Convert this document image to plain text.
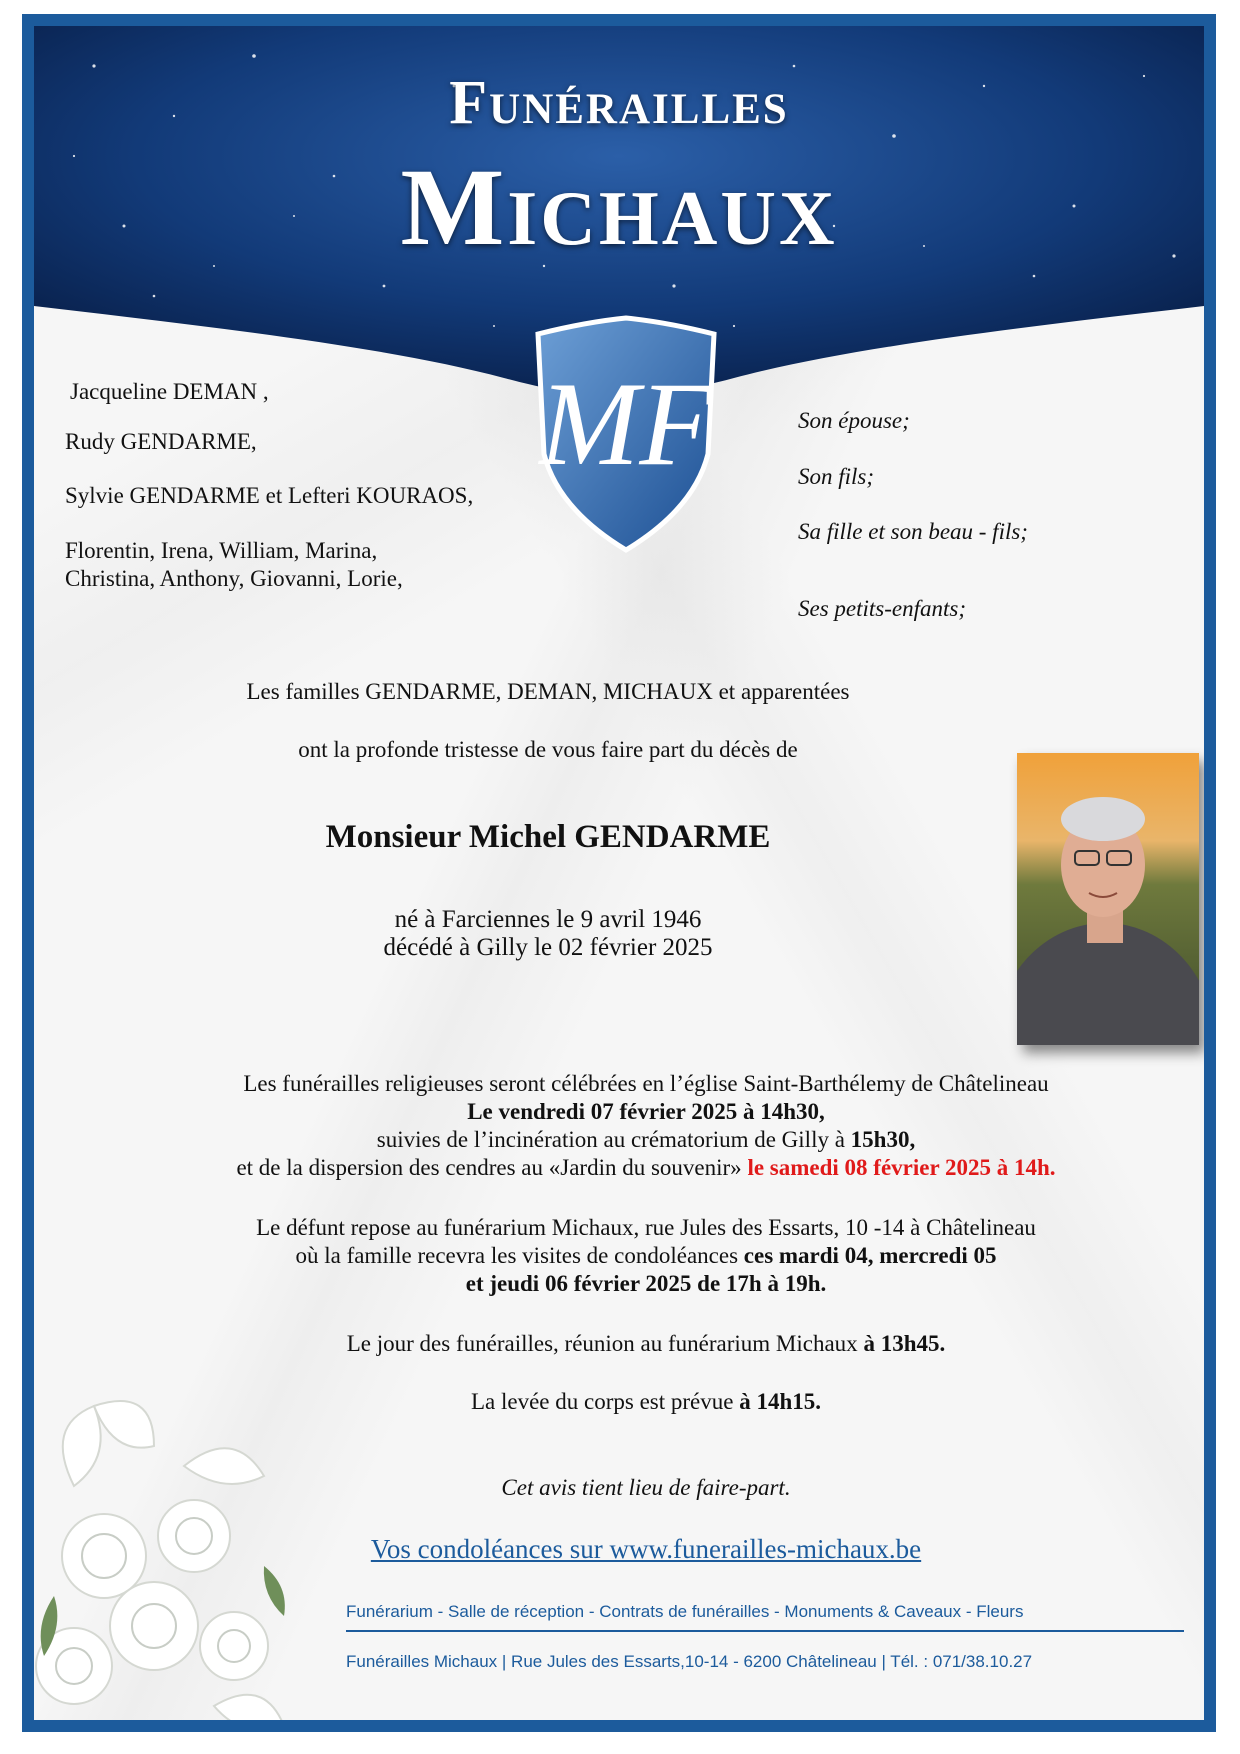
Funérailles
Michaux
MF
Jacqueline DEMAN ,
Rudy GENDARME,
Sylvie GENDARME et Lefteri KOURAOS,
Florentin, Irena, William, Marina,
Christina, Anthony, Giovanni, Lorie,
Son épouse;
Son fils;
Sa fille et son beau - fils;
Ses petits-enfants;
Les familles GENDARME, DEMAN, MICHAUX et apparentées
ont la profonde tristesse de vous faire part du décès de
Monsieur Michel GENDARME
né à Farciennes le 9 avril 1946
décédé à Gilly le 02 février 2025
Les funérailles religieuses seront célébrées en l’église Saint-Barthélemy de Châtelineau
Le vendredi 07 février 2025 à 14h30,
suivies de l’incinération au crématorium de Gilly à 15h30,
et de la dispersion des cendres au «Jardin du souvenir» le samedi 08 février 2025 à 14h.
Le défunt repose au funérarium Michaux, rue Jules des Essarts, 10 -14 à Châtelineau
où la famille recevra les visites de condoléances ces mardi 04, mercredi 05
et jeudi 06 février 2025 de 17h à 19h.
Le jour des funérailles, réunion au funérarium Michaux à 13h45.
La levée du corps est prévue à 14h15.
Cet avis tient lieu de faire-part.
Vos condoléances sur www.funerailles-michaux.be
Funérarium - Salle de réception - Contrats de funérailles - Monuments & Caveaux - Fleurs
Funérailles Michaux | Rue Jules des Essarts,10-14 - 6200 Châtelineau | Tél. : 071/38.10.27
